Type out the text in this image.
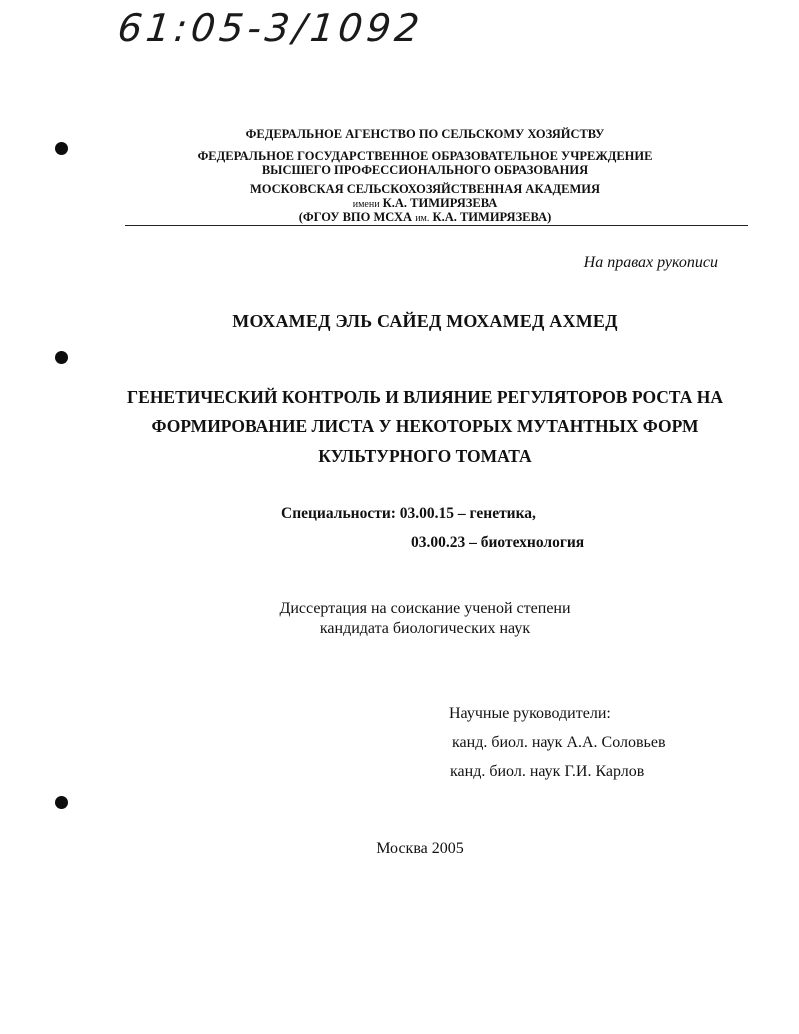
61:05-3/1092
ФЕДЕРАЛЬНОЕ АГЕНСТВО ПО СЕЛЬСКОМУ ХОЗЯЙСТВУ
ФЕДЕРАЛЬНОЕ ГОСУДАРСТВЕННОЕ ОБРАЗОВАТЕЛЬНОЕ УЧРЕЖДЕНИЕ
ВЫСШЕГО ПРОФЕССИОНАЛЬНОГО ОБРАЗОВАНИЯ
МОСКОВСКАЯ СЕЛЬСКОХОЗЯЙСТВЕННАЯ АКАДЕМИЯ
имени К.А. ТИМИРЯЗЕВА
(ФГОУ ВПО МСХА им. К.А. ТИМИРЯЗЕВА)
На правах рукописи
МОХАМЕД ЭЛЬ САЙЕД МОХАМЕД АХМЕД
ГЕНЕТИЧЕСКИЙ КОНТРОЛЬ И ВЛИЯНИЕ РЕГУЛЯТОРОВ РОСТА НА
ФОРМИРОВАНИЕ ЛИСТА У НЕКОТОРЫХ МУТАНТНЫХ ФОРМ
КУЛЬТУРНОГО ТОМАТА
Специальности: 03.00.15 – генетика,
03.00.23 – биотехнология
Диссертация на соискание ученой степени
кандидата биологических наук
Научные руководители:
канд. биол. наук А.А. Соловьев
канд. биол. наук Г.И. Карлов
Москва 2005
